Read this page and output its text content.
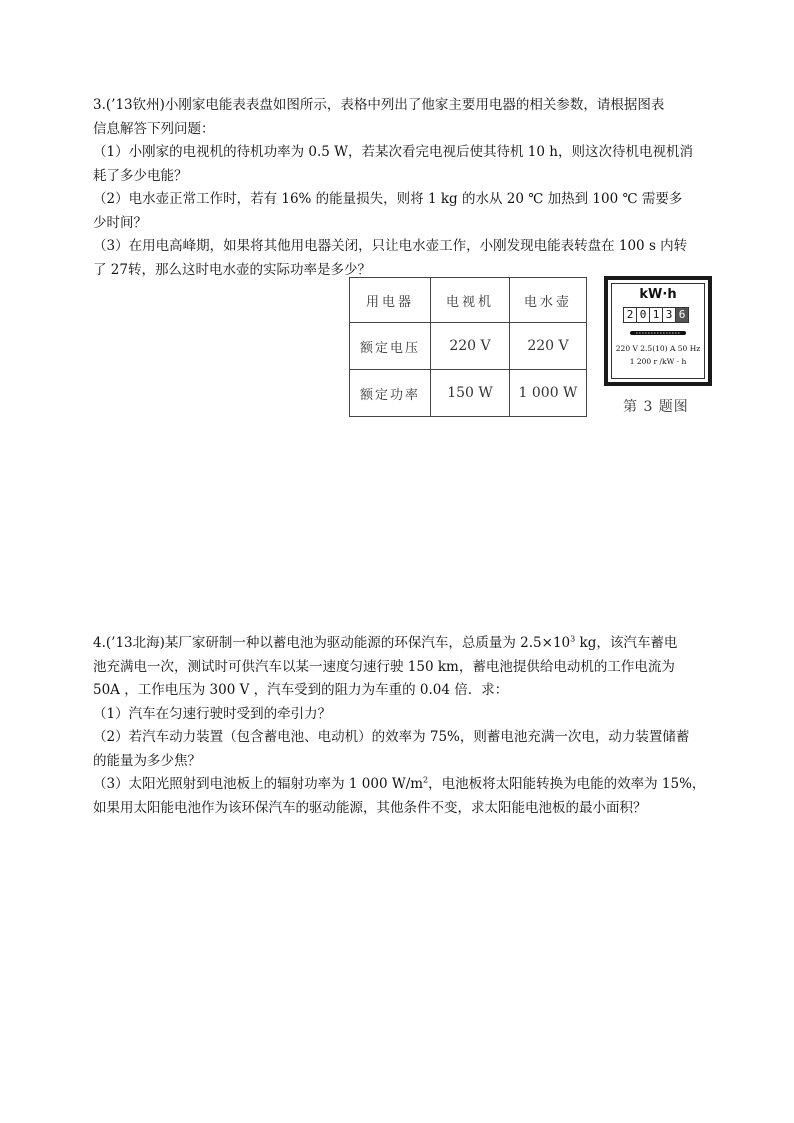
3.(’13钦州)小刚家电能表表盘如图所示，表格中列出了他家主要用电器的相关参数，请根据图表

信息解答下列问题：

（1）小刚家的电视机的待机功率为 0.5 W，若某次看完电视后使其待机 10 h，则这次待机电视机消

耗了多少电能？

（2）电水壶正常工作时，若有 16% 的能量损失，则将 1 kg 的水从 20 ℃ 加热到 100 ℃ 需要多

少时间？

（3）在用电高峰期，如果将其他用电器关闭，只让电水壶工作，小刚发现电能表转盘在 100 s 内转

了 27转，那么这时电水壶的实际功率是多少？

用电器	电视机	电水壶
额定电压	220 V	220 V
额定功率	150 W	1 000 W
kW·h
2 0 1 3 6
220 V 2.5(10) A 50 Hz
1 200 r /kW · h
第 3 题图

4.(’13北海)某厂家研制一种以蓄电池为驱动能源的环保汽车，总质量为 $2.5\times 10^3$ kg，该汽车蓄电

池充满电一次，测试时可供汽车以某一速度匀速行驶 150 km，蓄电池提供给电动机的工作电流为

50A ，工作电压为 300 V ，汽车受到的阻力为车重的 0.04 倍．求：

（1）汽车在匀速行驶时受到的牵引力？

（2）若汽车动力装置（包含蓄电池、电动机）的效率为 75%，则蓄电池充满一次电，动力装置储蓄

的能量为多少焦？

（3）太阳光照射到电池板上的辐射功率为 1 000 $W/m^2$，电池板将太阳能转换为电能的效率为 15%，

如果用太阳能电池作为该环保汽车的驱动能源，其他条件不变，求太阳能电池板的最小面积？
